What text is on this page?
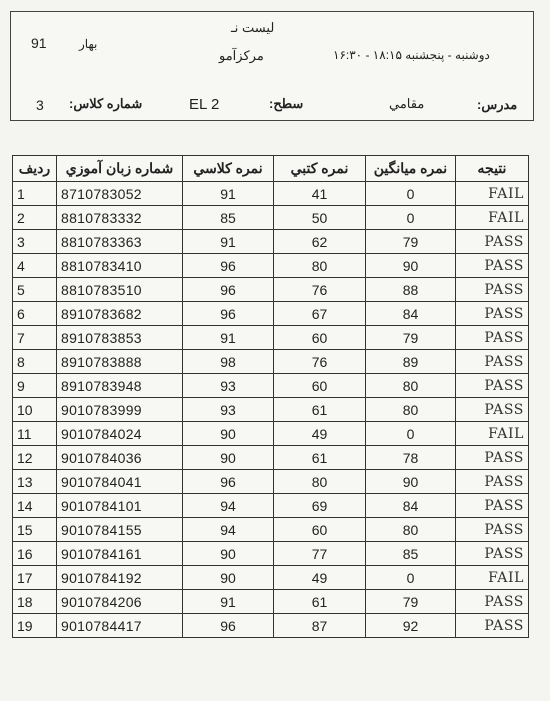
91	بهار
لیست نـ
مرکزآمو	دوشنبه - پنجشنبه ۱۸:۱۵ - ۱۶:۳۰
3 شماره كلاس:	EL 2	سطح:	مقامي	مدرس:
رديف	شماره زبان آموزي	نمره كلاسي	نمره كتبي	نمره ميانگين	نتيجه
1	8710783052	91	41	0	FAIL
2	8810783332	85	50	0	FAIL
3	8810783363	91	62	79	PASS
4	8810783410	96	80	90	PASS
5	8810783510	96	76	88	PASS
6	8910783682	96	67	84	PASS
7	8910783853	91	60	79	PASS
8	8910783888	98	76	89	PASS
9	8910783948	93	60	80	PASS
10	9010783999	93	61	80	PASS
11	9010784024	90	49	0	FAIL
12	9010784036	90	61	78	PASS
13	9010784041	96	80	90	PASS
14	9010784101	94	69	84	PASS
15	9010784155	94	60	80	PASS
16	9010784161	90	77	85	PASS
17	9010784192	90	49	0	FAIL
18	9010784206	91	61	79	PASS
19	9010784417	96	87	92	PASS
